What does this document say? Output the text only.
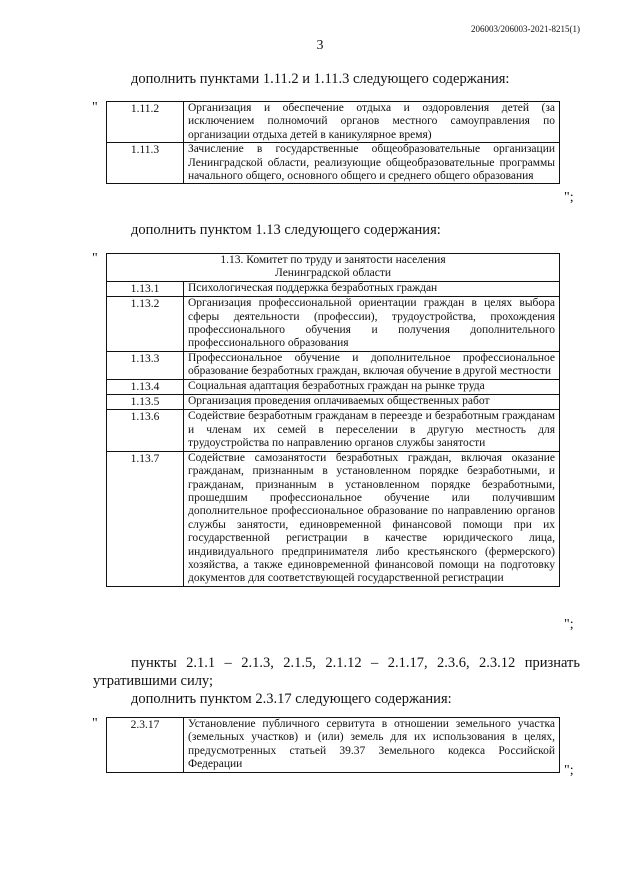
206003/206003-2021-8215(1)
3
дополнить пунктами 1.11.2 и 1.11.3 следующего содержания:
"	1.11.2	Организация и обеспечение отдыха и оздоровления детей (за исключением полномочий органов местного самоуправления по организации отдыха детей в каникулярное время)
1.11.3	Зачисление в государственные общеобразовательные организации Ленинградской области, реализующие общеобразовательные программы начального общего, основного общего и среднего общего образования
";
дополнить пунктом 1.13 следующего содержания:
"	1.13. Комитет по труду и занятости населения Ленинградской области	
1.13.1	Психологическая поддержка безработных граждан
1.13.2	Организация профессиональной ориентации граждан в целях выбора сферы деятельности (профессии), трудоустройства, прохождения профессионального обучения и получения дополнительного профессионального образования
1.13.3	Профессиональное обучение и дополнительное профессиональное образование безработных граждан, включая обучение в другой местности
1.13.4	Социальная адаптация безработных граждан на рынке труда
1.13.5	Организация проведения оплачиваемых общественных работ
1.13.6	Содействие безработным гражданам в переезде и безработным гражданам и членам их семей в переселении в другую местность для трудоустройства по направлению органов службы занятости
1.13.7	Содействие самозанятости безработных граждан, включая оказание гражданам, признанным в установленном порядке безработными, и гражданам, признанным в установленном порядке безработными, прошедшим профессиональное обучение или получившим дополнительное профессиональное образование по направлению органов службы занятости, единовременной финансовой помощи при их государственной регистрации в качестве юридического лица, индивидуального предпринимателя либо крестьянского (фермерского) хозяйства, а также единовременной финансовой помощи на подготовку документов для соответствующей государственной регистрации
";
пункты 2.1.1 – 2.1.3, 2.1.5, 2.1.12 – 2.1.17, 2.3.6, 2.3.12 признать
утратившими силу;
дополнить пунктом 2.3.17 следующего содержания:
"	2.3.17	Установление публичного сервитута в отношении земельного участка (земельных участков) и (или) земель для их использования в целях, предусмотренных статьей 39.37 Земельного кодекса Российской Федерации	";
